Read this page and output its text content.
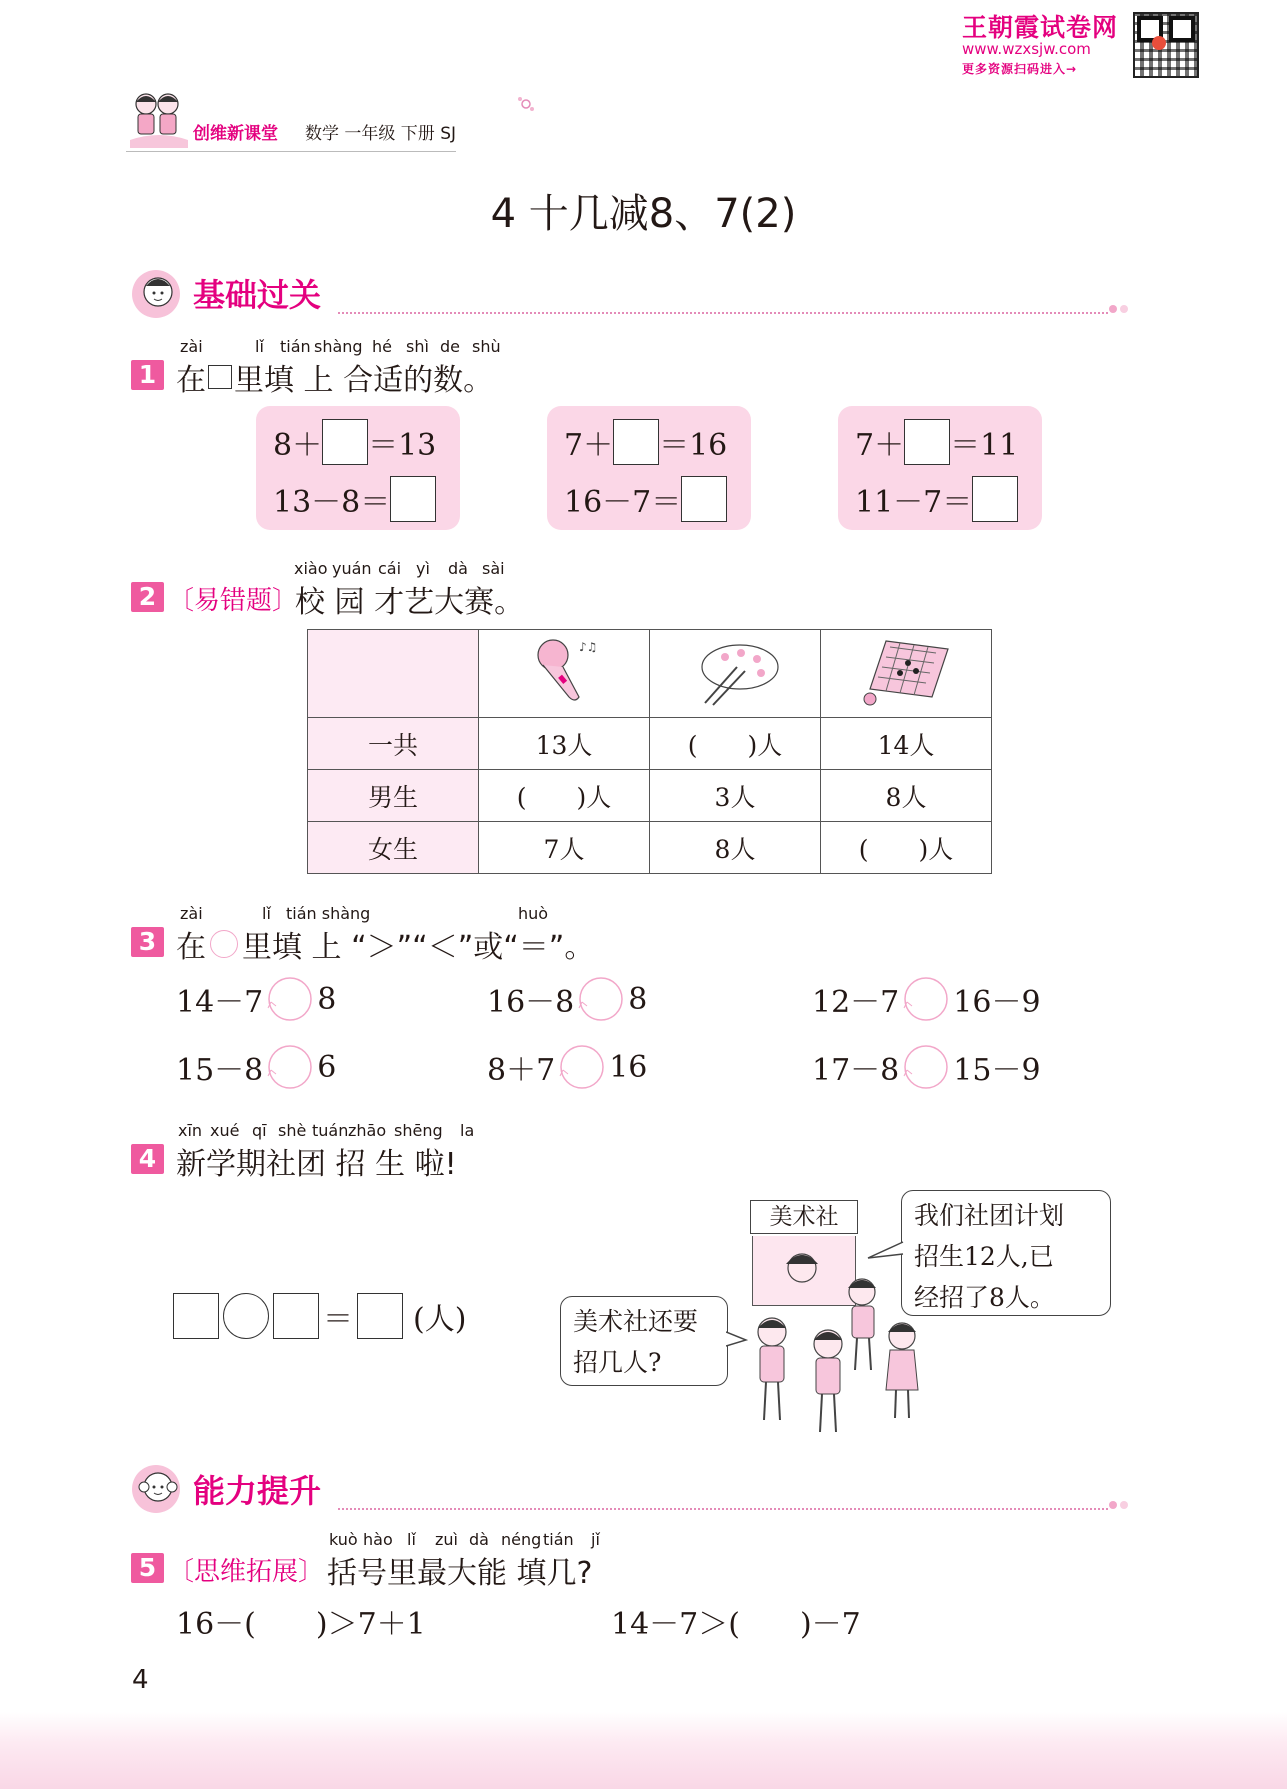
王朝霞试卷网
www.wzxsjw.com
更多资源扫码进入→
创维新课堂 数学 一年级 下册 SJ
4 十几减8、7(2)
基础过关
zài	lǐ tián shàng hé shì de shù
1 在 里填 上 合适的数。
8＋ ＝13
13－8＝
7＋ ＝16
16－7＝
7＋ ＝11
11－7＝
xiào yuán cái yì dà sài
2 〔易错题〕
校 园 才艺大赛。

♪♫

一共	13人	(　　)人	14人
男生	(　　)人	3人	8人
女生	7人	8人	(　　)人
zài	lǐ tián shàng	huò
3 在 里填 上 “＞”“＜”或“＝”。
14－7 8	16－8 8	12－7 16－9
15－8 6	8＋7 16	17－8 15－9
xīn xué qī shè tuán zhāo shēng la
4 新学期社团 招 生 啦!
＝ (人)	美术社还要
招几人?
我们社团计划
招生12人,已
经招了8人。
美术社
能力提升
kuò hào lǐ zuì dà néng tián jǐ
5 〔思维拓展〕 括号里最大能 填几?
16－(　　)＞7＋1	14－7＞(　　)－7
4
